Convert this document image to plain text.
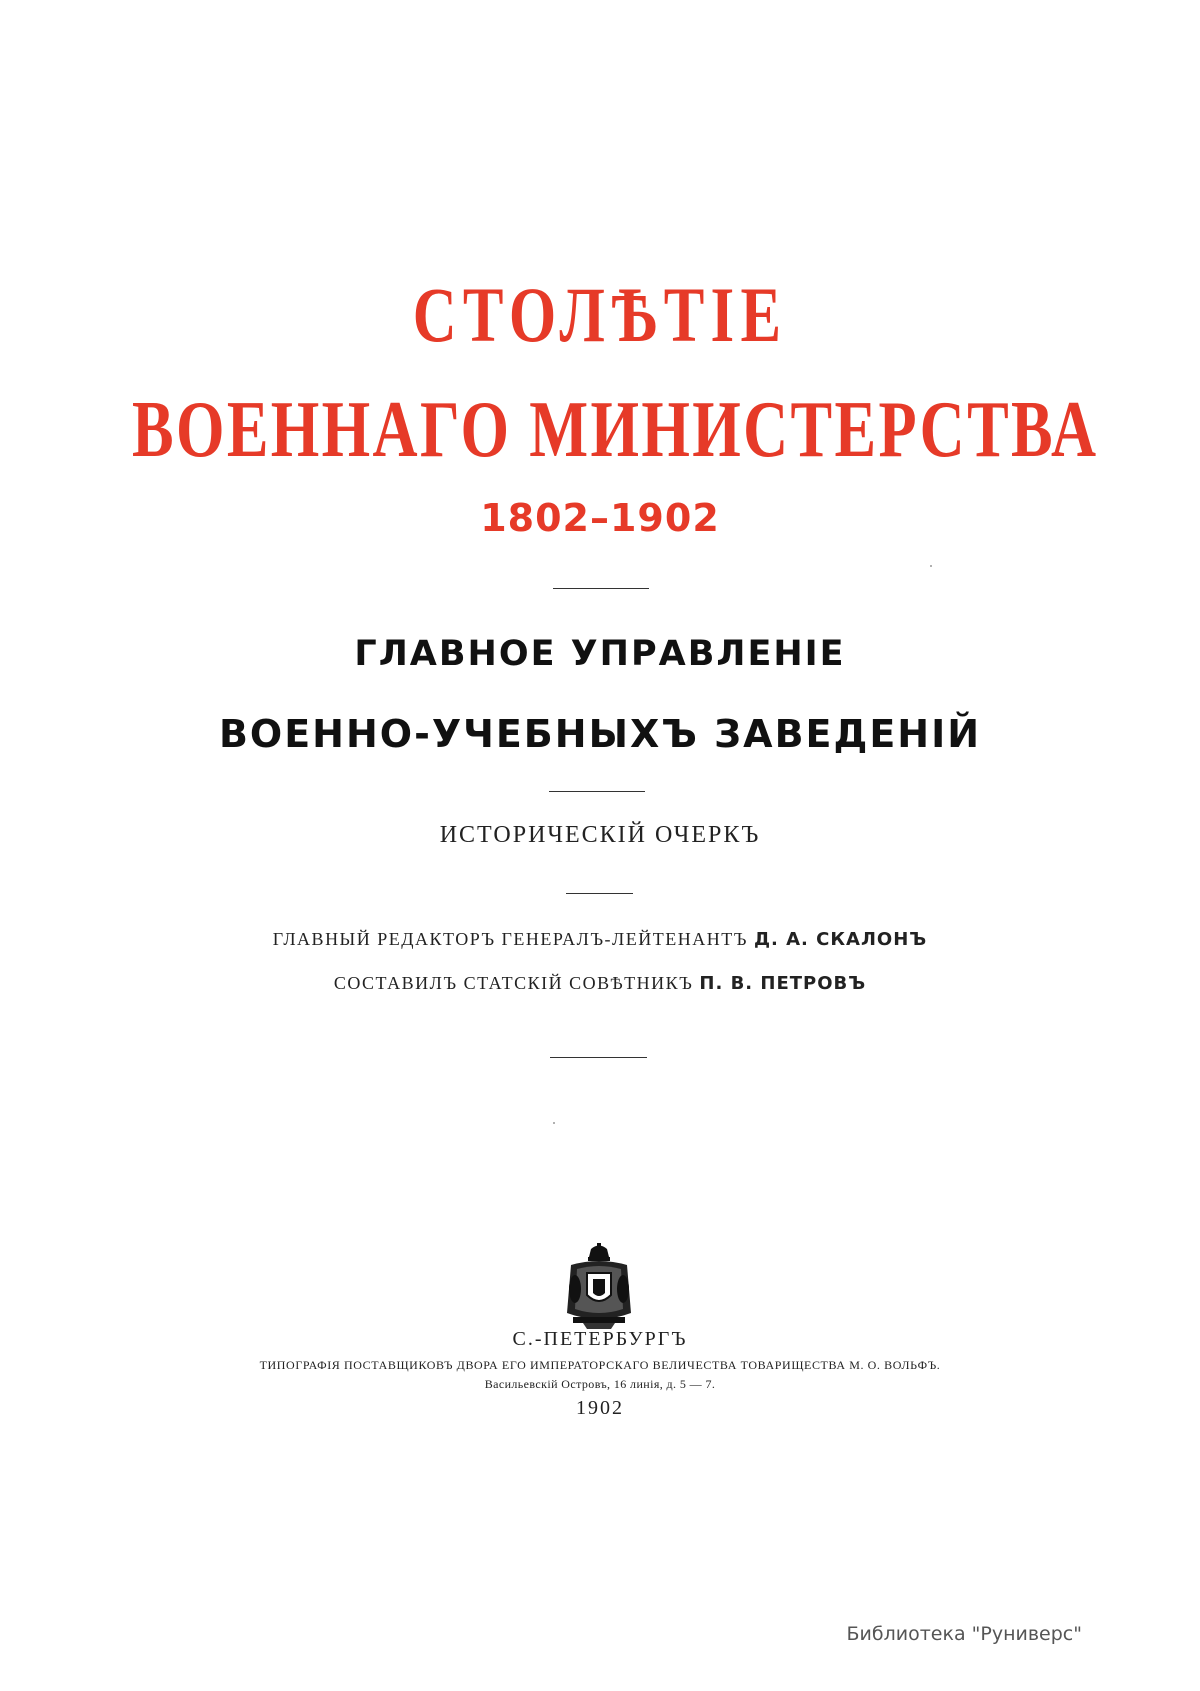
СТОЛѢТІЕ
ВОЕННАГО МИНИСТЕРСТВА
1802–1902
ГЛАВНОЕ УПРАВЛЕНІЕ
ВОЕННО-УЧЕБНЫХЪ ЗАВЕДЕНІЙ
ИСТОРИЧЕСКІЙ ОЧЕРКЪ
ГЛАВНЫЙ РЕДАКТОРЪ ГЕНЕРАЛЪ-ЛЕЙТЕНАНТЪ Д. А. СКАЛОНЪ
СОСТАВИЛЪ СТАТСКІЙ СОВѢТНИКЪ П. В. ПЕТРОВЪ
С.-ПЕТЕРБУРГЪ
ТИПОГРАФІЯ ПОСТАВЩИКОВЪ ДВОРА ЕГО ИМПЕРАТОРСКАГО ВЕЛИЧЕСТВА ТОВАРИЩЕСТВА М. О. ВОЛЬФЪ.
Васильевскій Островъ, 16 линія, д. 5 — 7.
1902
Библиотека "Руниверс"
